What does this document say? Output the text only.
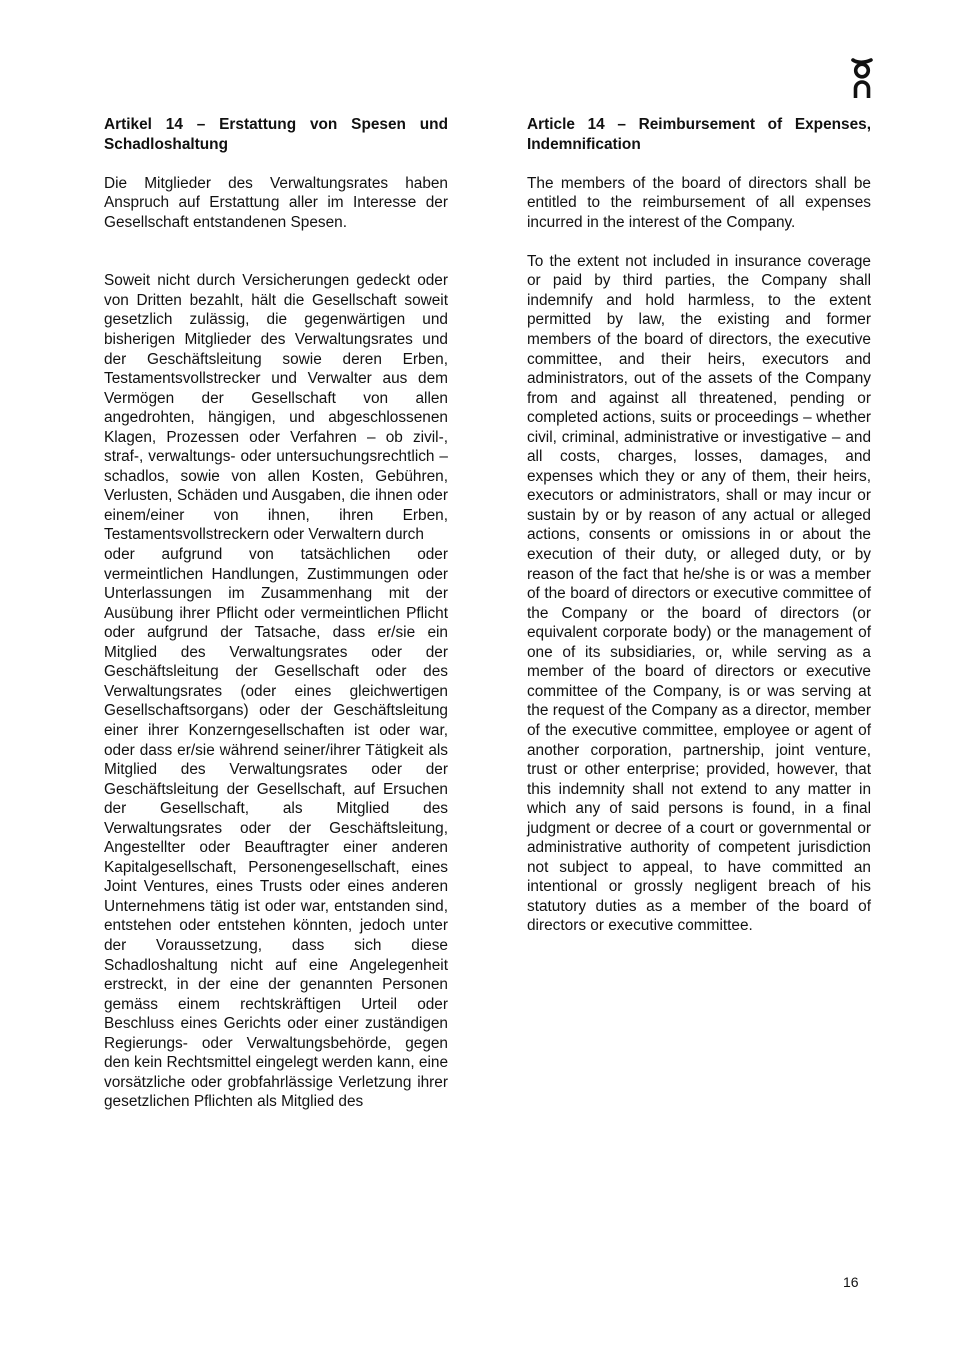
Artikel 14 – Erstattung von Spesen und Schadloshaltung

Die Mitglieder des Verwaltungsrates haben Anspruch auf Erstattung aller im Interesse der Gesellschaft entstandenen Spesen.

Soweit nicht durch Versicherungen gedeckt oder von Dritten bezahlt, hält die Gesellschaft soweit gesetzlich zulässig, die gegenwärtigen und bisherigen Mitglieder des Verwaltungsrates und der Geschäftsleitung sowie deren Erben, Testamentsvollstrecker und Verwalter aus dem Vermögen der Gesellschaft von allen angedrohten, hängigen, und abgeschlossenen Klagen, Prozessen oder Verfahren – ob zivil-, straf-, verwaltungs- oder untersuchungsrechtlich – schadlos, sowie von allen Kosten, Gebühren, Verlusten, Schäden und Ausgaben, die ihnen oder einem/einer von ihnen, ihren Erben, Testamentsvollstreckern oder Verwaltern durch

oder aufgrund von tatsächlichen oder vermeintlichen Handlungen, Zustimmungen oder Unterlassungen im Zusammenhang mit der Ausübung ihrer Pflicht oder vermeintlichen Pflicht oder aufgrund der Tatsache, dass er/sie ein Mitglied des Verwaltungsrates oder der Geschäftsleitung der Gesellschaft oder des Verwaltungsrates (oder eines gleichwertigen Gesellschaftsorgans) oder der Geschäftsleitung einer ihrer Konzerngesellschaften ist oder war, oder dass er/sie während seiner/ihrer Tätigkeit als Mitglied des Verwaltungsrates oder der Geschäftsleitung der Gesellschaft, auf Ersuchen der Gesellschaft, als Mitglied des Verwaltungsrates oder der Geschäftsleitung, Angestellter oder Beauftragter einer anderen Kapitalgesellschaft, Personengesellschaft, eines Joint Ventures, eines Trusts oder eines anderen Unternehmens tätig ist oder war, entstanden sind, entstehen oder entstehen könnten, jedoch unter der Voraussetzung, dass sich diese Schadloshaltung nicht auf eine Angelegenheit erstreckt, in der eine der genannten Personen gemäss einem rechtskräftigen Urteil oder Beschluss eines Gerichts oder einer zuständigen Regierungs- oder Verwaltungsbehörde, gegen den kein Rechtsmittel eingelegt werden kann, eine vorsätzliche oder grobfahrlässige Verletzung ihrer gesetzlichen Pflichten als Mitglied des

Article 14 – Reimbursement of Expenses, Indemnification

The members of the board of directors shall be entitled to the reimbursement of all expenses incurred in the interest of the Company.

To the extent not included in insurance coverage or paid by third parties, the Company shall indemnify and hold harmless, to the extent permitted by law, the existing and former members of the board of directors, the executive committee, and their heirs, executors and administrators, out of the assets of the Company from and against all threatened, pending or completed actions, suits or proceedings – whether civil, criminal, administrative or investigative – and all costs, charges, losses, damages, and expenses which they or any of them, their heirs, executors or administrators, shall or may incur or sustain by or by reason of any actual or alleged actions, consents or omissions in or about the execution of their duty, or alleged duty, or by reason of the fact that he/she is or was a member of the board of directors or executive committee of the Company or the board of directors (or equivalent corporate body) or the management of one of its subsidiaries, or, while serving as a member of the board of directors or executive committee of the Company, is or was serving at the request of the Company as a director, member of the executive committee, employee or agent of another corporation, partnership, joint venture, trust or other enterprise; provided, however, that this indemnity shall not extend to any matter in which any of said persons is found, in a final judgment or decree of a court or governmental or administrative authority of competent jurisdiction not subject to appeal, to have committed an intentional or grossly negligent breach of his statutory duties as a member of the board of directors or executive committee.

16
